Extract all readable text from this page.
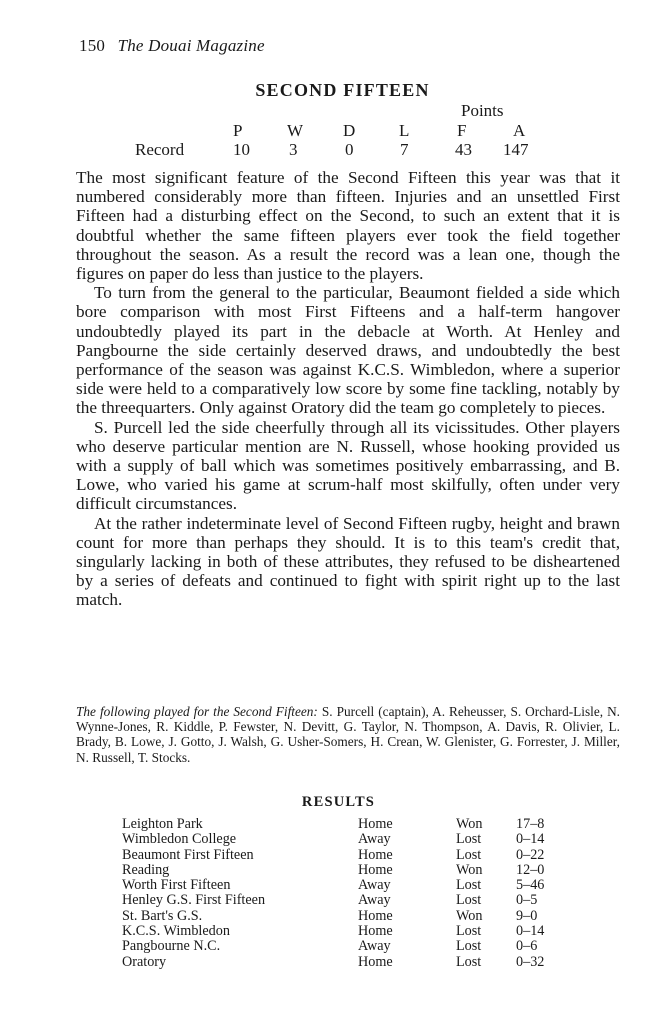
150 The Douai Magazine
SECOND FIFTEEN
Points
P	W D	L	F	A
Record	10 3	0	7	43 147

The most significant feature of the Second Fifteen this year was that it numbered considerably more than fifteen. Injuries and an unsettled First Fifteen had a disturbing effect on the Second, to such an extent that it is doubtful whether the same fifteen players ever took the field together throughout the season. As a result the record was a lean one, though the figures on paper do less than justice to the players.

To turn from the general to the particular, Beaumont fielded a side which bore comparison with most First Fifteens and a half-term hangover undoubtedly played its part in the debacle at Worth. At Henley and Pangbourne the side certainly deserved draws, and undoubtedly the best performance of the season was against K.C.S. Wimbledon, where a superior side were held to a comparatively low score by some fine tackling, notably by the threequarters. Only against Oratory did the team go completely to pieces.

S. Purcell led the side cheerfully through all its vicissitudes. Other players who deserve particular mention are N. Russell, whose hooking provided us with a supply of ball which was sometimes positively embarrassing, and B. Lowe, who varied his game at scrum-half most skilfully, often under very difficult circumstances.

At the rather indeterminate level of Second Fifteen rugby, height and brawn count for more than perhaps they should. It is to this team's credit that, singularly lacking in both of these attributes, they refused to be disheartened by a series of defeats and continued to fight with spirit right up to the last match.

The following played for the Second Fifteen: S. Purcell (captain), A. Reheusser, S. Orchard-Lisle, N. Wynne-Jones, R. Kiddle, P. Fewster, N. Devitt, G. Taylor, N. Thompson, A. Davis, R. Olivier, L. Brady, B. Lowe, J. Gotto, J. Walsh, G. Usher-Somers, H. Crean, W. Glenister, G. Forrester, J. Miller, N. Russell, T. Stocks.

RESULTS
Leighton Park	Home	Won 17–8
Wimbledon College	Away	Lost 0–14
Beaumont First Fifteen	Home	Lost 0–22
Reading	Home	Won 12–0
Worth First Fifteen	Away	Lost 5–46
Henley G.S. First Fifteen	Away	Lost 0–5
St. Bart's G.S.	Home	Won 9–0
K.C.S. Wimbledon	Home	Lost 0–14
Pangbourne N.C.	Away	Lost 0–6
Oratory	Home	Lost 0–32
